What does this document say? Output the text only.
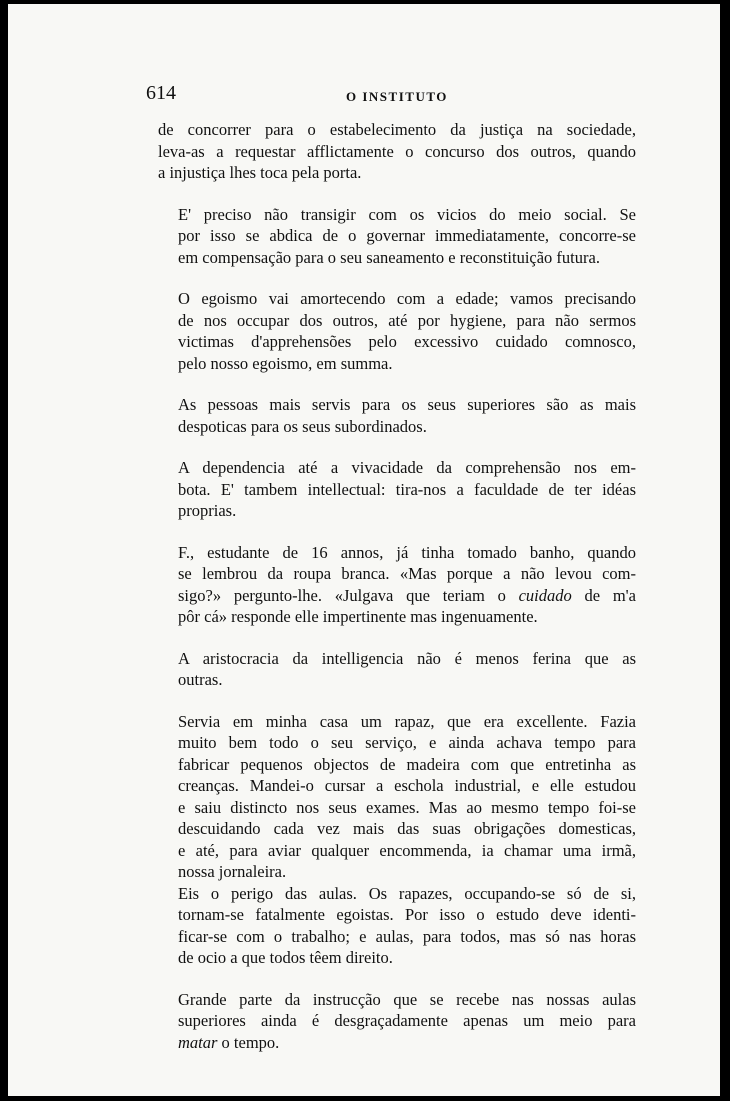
614	O INSTITUTO

de concorrer para o estabelecimento da justiça na sociedade,
leva-as a requestar afflictamente o concurso dos outros, quando
a injustiça lhes toca pela porta.

E' preciso não transigir com os vicios do meio social. Se
por isso se abdica de o governar immediatamente, concorre-se
em compensação para o seu saneamento e reconstituição futura.

O egoismo vai amortecendo com a edade; vamos precisando
de nos occupar dos outros, até por hygiene, para não sermos
victimas d'apprehensões pelo excessivo cuidado comnosco,
pelo nosso egoismo, em summa.

As pessoas mais servis para os seus superiores são as mais
despoticas para os seus subordinados.

A dependencia até a vivacidade da comprehensão nos em-
bota. E' tambem intellectual: tira-nos a faculdade de ter idéas
proprias.

F., estudante de 16 annos, já tinha tomado banho, quando
se lembrou da roupa branca. «Mas porque a não levou com-
sigo?» pergunto-lhe. «Julgava que teriam o cuidado de m'a
pôr cá» responde elle impertinente mas ingenuamente.

A aristocracia da intelligencia não é menos ferina que as
outras.

Servia em minha casa um rapaz, que era excellente. Fazia
muito bem todo o seu serviço, e ainda achava tempo para
fabricar pequenos objectos de madeira com que entretinha as
creanças. Mandei-o cursar a eschola industrial, e elle estudou
e saiu distincto nos seus exames. Mas ao mesmo tempo foi-se
descuidando cada vez mais das suas obrigações domesticas,
e até, para aviar qualquer encommenda, ia chamar uma irmã,
nossa jornaleira.

Eis o perigo das aulas. Os rapazes, occupando-se só de si,
tornam-se fatalmente egoistas. Por isso o estudo deve identi-
ficar-se com o trabalho; e aulas, para todos, mas só nas horas
de ocio a que todos têem direito.

Grande parte da instrucção que se recebe nas nossas aulas
superiores ainda é desgraçadamente apenas um meio para
matar o tempo.
